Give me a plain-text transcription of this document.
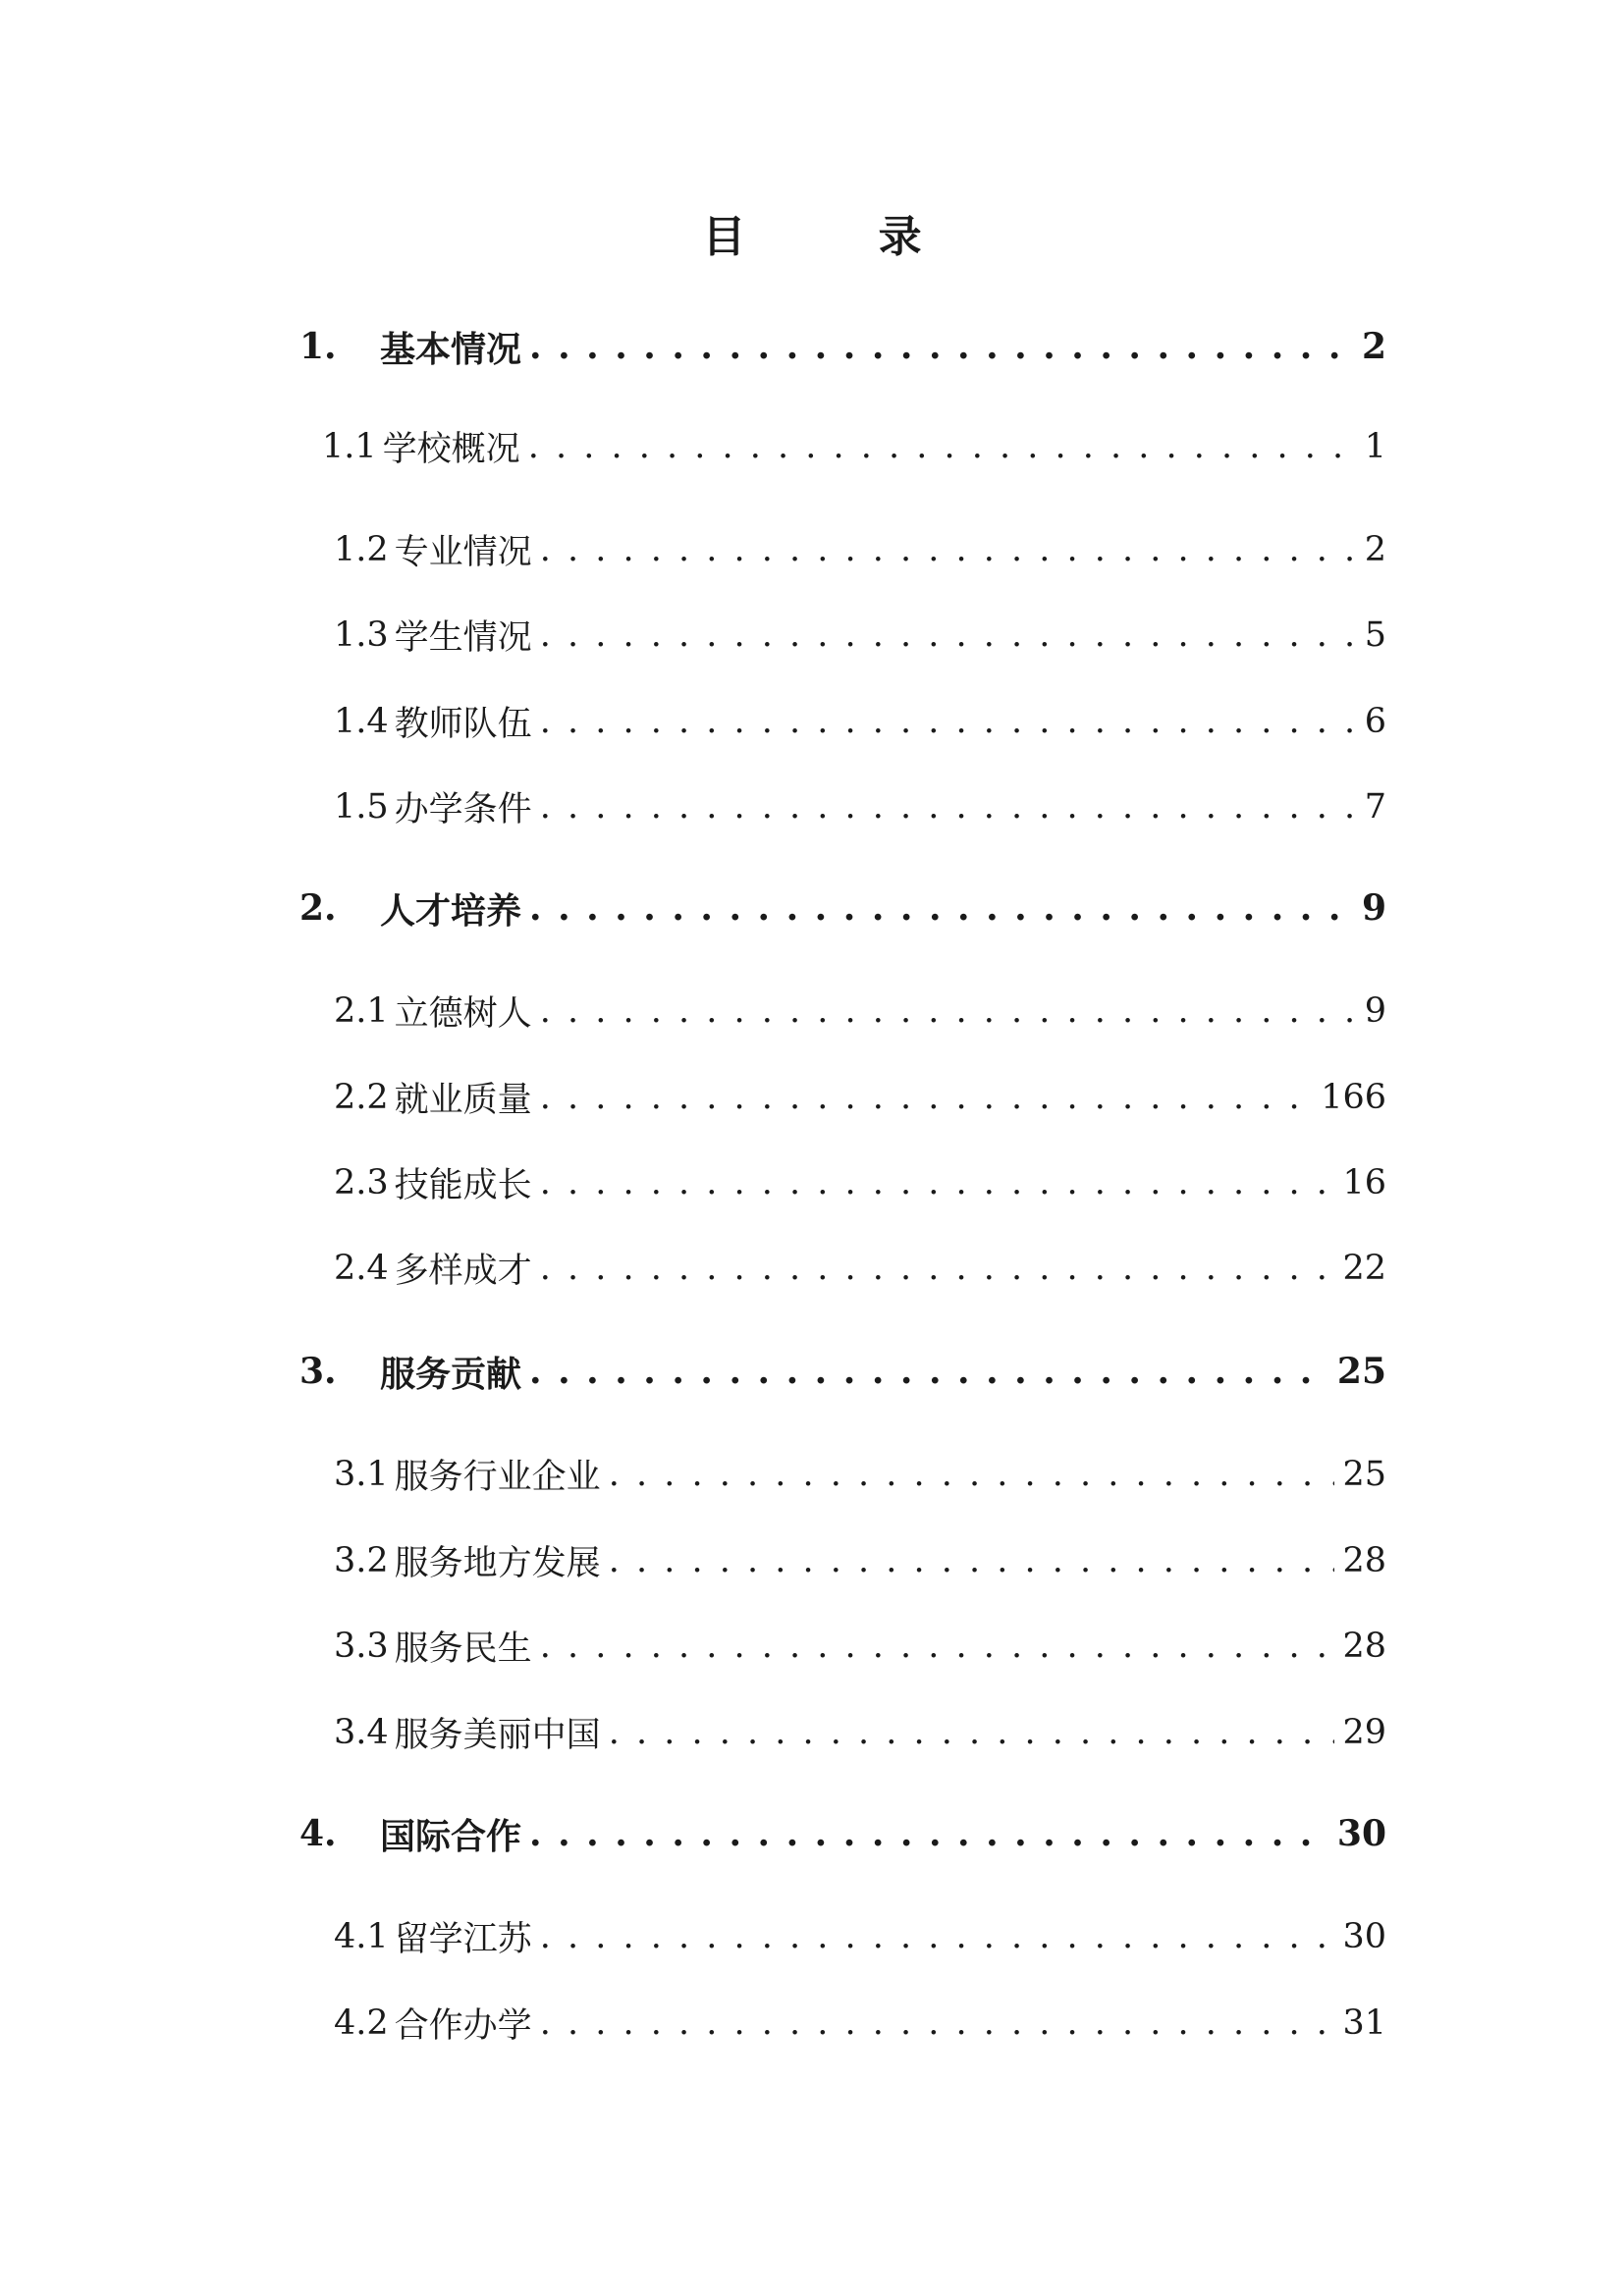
目 录
1.	基本情况 . . .	2
1.1 学校概况 . . .	1
1.2 专业情况 . . .	2
1.3 学生情况 . . .	5
1.4 教师队伍 . . .	6
1.5 办学条件 . . .	7
2.	人才培养 . . .	9
2.1 立德树人 . . .	9
2.2 就业质量 . . .	166
2.3 技能成长 . . .	16
2.4 多样成才 . . .	22
3.	服务贡献 . . .	25
3.1 服务行业企业 . . .	25
3.2 服务地方发展 . . .	28
3.3 服务民生 . . .	28
3.4 服务美丽中国 . . .	29
4.	国际合作 . . .	30
4.1 留学江苏 . . .	30
4.2 合作办学 . . .	31
